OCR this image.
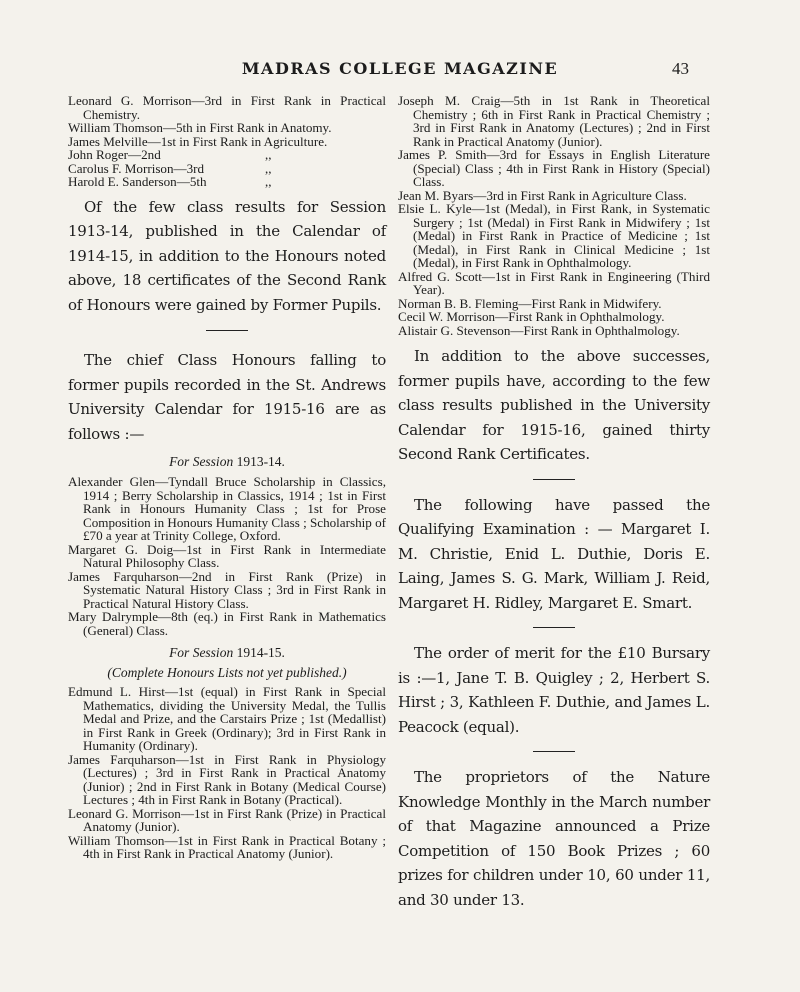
MADRAS COLLEGE MAGAZINE	43

Leonard G. Morrison—3rd in First Rank in Practical Chemistry.

William Thomson—5th in First Rank in Anatomy.

James Melville—1st in First Rank in Agriculture.

John Roger—2nd	,,
Carolus F. Morrison—3rd	,,
Harold E. Sanderson—5th	,,

Of the few class results for Session 1913-14, published in the Calendar of 1914-15, in addition to the Honours noted above, 18 certificates of the Second Rank of Honours were gained by Former Pupils.

The chief Class Honours falling to former pupils recorded in the St. Andrews University Calendar for 1915-16 are as follows :—

For Session 1913-14.

Alexander Glen—Tyndall Bruce Scholarship in Classics, 1914 ; Berry Scholarship in Classics, 1914 ; 1st in First Rank in Honours Humanity Class ; 1st for Prose Composition in Honours Humanity Class ; Scholarship of £70 a year at Trinity College, Oxford.

Margaret G. Doig—1st in First Rank in Intermediate Natural Philosophy Class.

James Farquharson—2nd in First Rank (Prize) in Systematic Natural History Class ; 3rd in First Rank in Practical Natural History Class.

Mary Dalrymple—8th (eq.) in First Rank in Mathematics (General) Class.

For Session 1914-15.

(Complete Honours Lists not yet published.)

Edmund L. Hirst—1st (equal) in First Rank in Special Mathematics, dividing the University Medal, the Tullis Medal and Prize, and the Carstairs Prize ; 1st (Medallist) in First Rank in Greek (Ordinary); 3rd in First Rank in Humanity (Ordinary).

James Farquharson—1st in First Rank in Physiology (Lectures) ; 3rd in First Rank in Practical Anatomy (Junior) ; 2nd in First Rank in Botany (Medical Course) Lectures ; 4th in First Rank in Botany (Practical).

Leonard G. Morrison—1st in First Rank (Prize) in Practical Anatomy (Junior).

William Thomson—1st in First Rank in Practical Botany ; 4th in First Rank in Practical Anatomy (Junior).

Joseph M. Craig—5th in 1st Rank in Theoretical Chemistry ; 6th in First Rank in Practical Chemistry ; 3rd in First Rank in Anatomy (Lectures) ; 2nd in First Rank in Practical Anatomy (Junior).

James P. Smith—3rd for Essays in English Literature (Special) Class ; 4th in First Rank in History (Special) Class.

Jean M. Byars—3rd in First Rank in Agriculture Class.

Elsie L. Kyle—1st (Medal), in First Rank, in Systematic Surgery ; 1st (Medal) in First Rank in Midwifery ; 1st (Medal) in First Rank in Practice of Medicine ; 1st (Medal), in First Rank in Clinical Medicine ; 1st (Medal), in First Rank in Ophthalmology.

Alfred G. Scott—1st in First Rank in Engineering (Third Year).

Norman B. B. Fleming—First Rank in Midwifery.

Cecil W. Morrison—First Rank in Ophthalmology.

Alistair G. Stevenson—First Rank in Ophthalmology.

In addition to the above successes, former pupils have, according to the few class results published in the University Calendar for 1915-16, gained thirty Second Rank Certificates.

The following have passed the Qualifying Examination : — Margaret I. M. Christie, Enid L. Duthie, Doris E. Laing, James S. G. Mark, William J. Reid, Margaret H. Ridley, Margaret E. Smart.

The order of merit for the £10 Bursary is :—1, Jane T. B. Quigley ; 2, Herbert S. Hirst ; 3, Kathleen F. Duthie, and James L. Peacock (equal).

The proprietors of the Nature Knowledge Monthly in the March number of that Magazine announced a Prize Competition of 150 Book Prizes ; 60 prizes for children under 10, 60 under 11, and 30 under 13.
